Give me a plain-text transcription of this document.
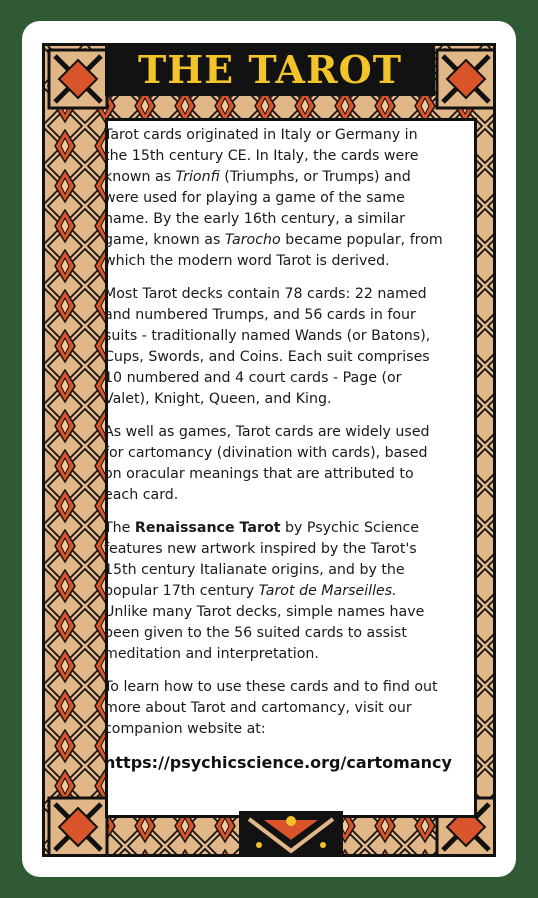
THE TAROT

Tarot cards originated in Italy or Germany in the 15th century CE. In Italy, the cards were known as Trionfi (Triumphs, or Trumps) and were used for playing a game of the same name. By the early 16th century, a similar game, known as Tarocho became popular, from which the modern word Tarot is derived.

Most Tarot decks contain 78 cards: 22 named and numbered Trumps, and 56 cards in four suits - traditionally named Wands (or Batons), Cups, Swords, and Coins. Each suit comprises 10 numbered and 4 court cards - Page (or Valet), Knight, Queen, and King.

As well as games, Tarot cards are widely used for cartomancy (divination with cards), based on oracular meanings that are attributed to each card.

The Renaissance Tarot by Psychic Science features new artwork inspired by the Tarot's 15th century Italianate origins, and by the popular 17th century Tarot de Marseilles. Unlike many Tarot decks, simple names have been given to the 56 suited cards to assist meditation and interpretation.

To learn how to use these cards and to find out more about Tarot and cartomancy, visit our companion website at:

https://psychicscience.org/cartomancy
